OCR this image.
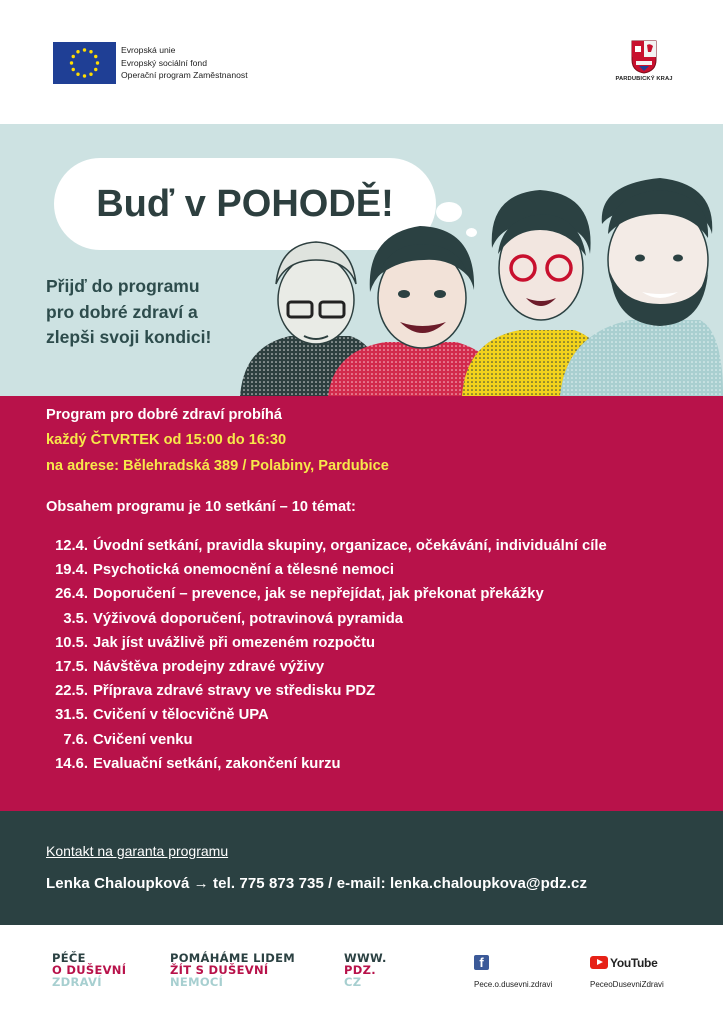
Evropská unie
Evropský sociální fond
Operační program Zaměstnanost	PARDUBICKÝ KRAJ
Buď v POHODĚ!
Přijď do programu
pro dobré zdraví a
zlepši svoji kondici!
Program pro dobré zdraví probíhá
každý ČTVRTEK od 15:00 do 16:30
na adrese: Bělehradská 389 / Polabiny, Pardubice
Obsahem programu je 10 setkání – 10 témat:
12.4. Úvodní setkání, pravidla skupiny, organizace, očekávání, individuální cíle
19.4. Psychotická onemocnění a tělesné nemoci
26.4. Doporučení – prevence, jak se nepřejídat, jak překonat překážky
3.5. Výživová doporučení, potravinová pyramida
10.5. Jak jíst uvážlivě při omezeném rozpočtu
17.5. Návštěva prodejny zdravé výživy
22.5. Příprava zdravé stravy ve středisku PDZ
31.5. Cvičení v tělocvičně UPA
7.6. Cvičení venku
14.6. Evaluační setkání, zakončení kurzu
Kontakt na garanta programu
Lenka Chaloupková → tel. 775 873 735 / e-mail: lenka.chaloupkova@pdz.cz
PÉČE
O DUŠEVNÍ
ZDRAVÍ
POMÁHÁME LIDEM
ŽÍT S DUŠEVNÍ
NEMOCÍ
WWW.
PDZ.
CZ
f
Pece.o.dusevni.zdravi
YouTube
PeceoDusevniZdravi
